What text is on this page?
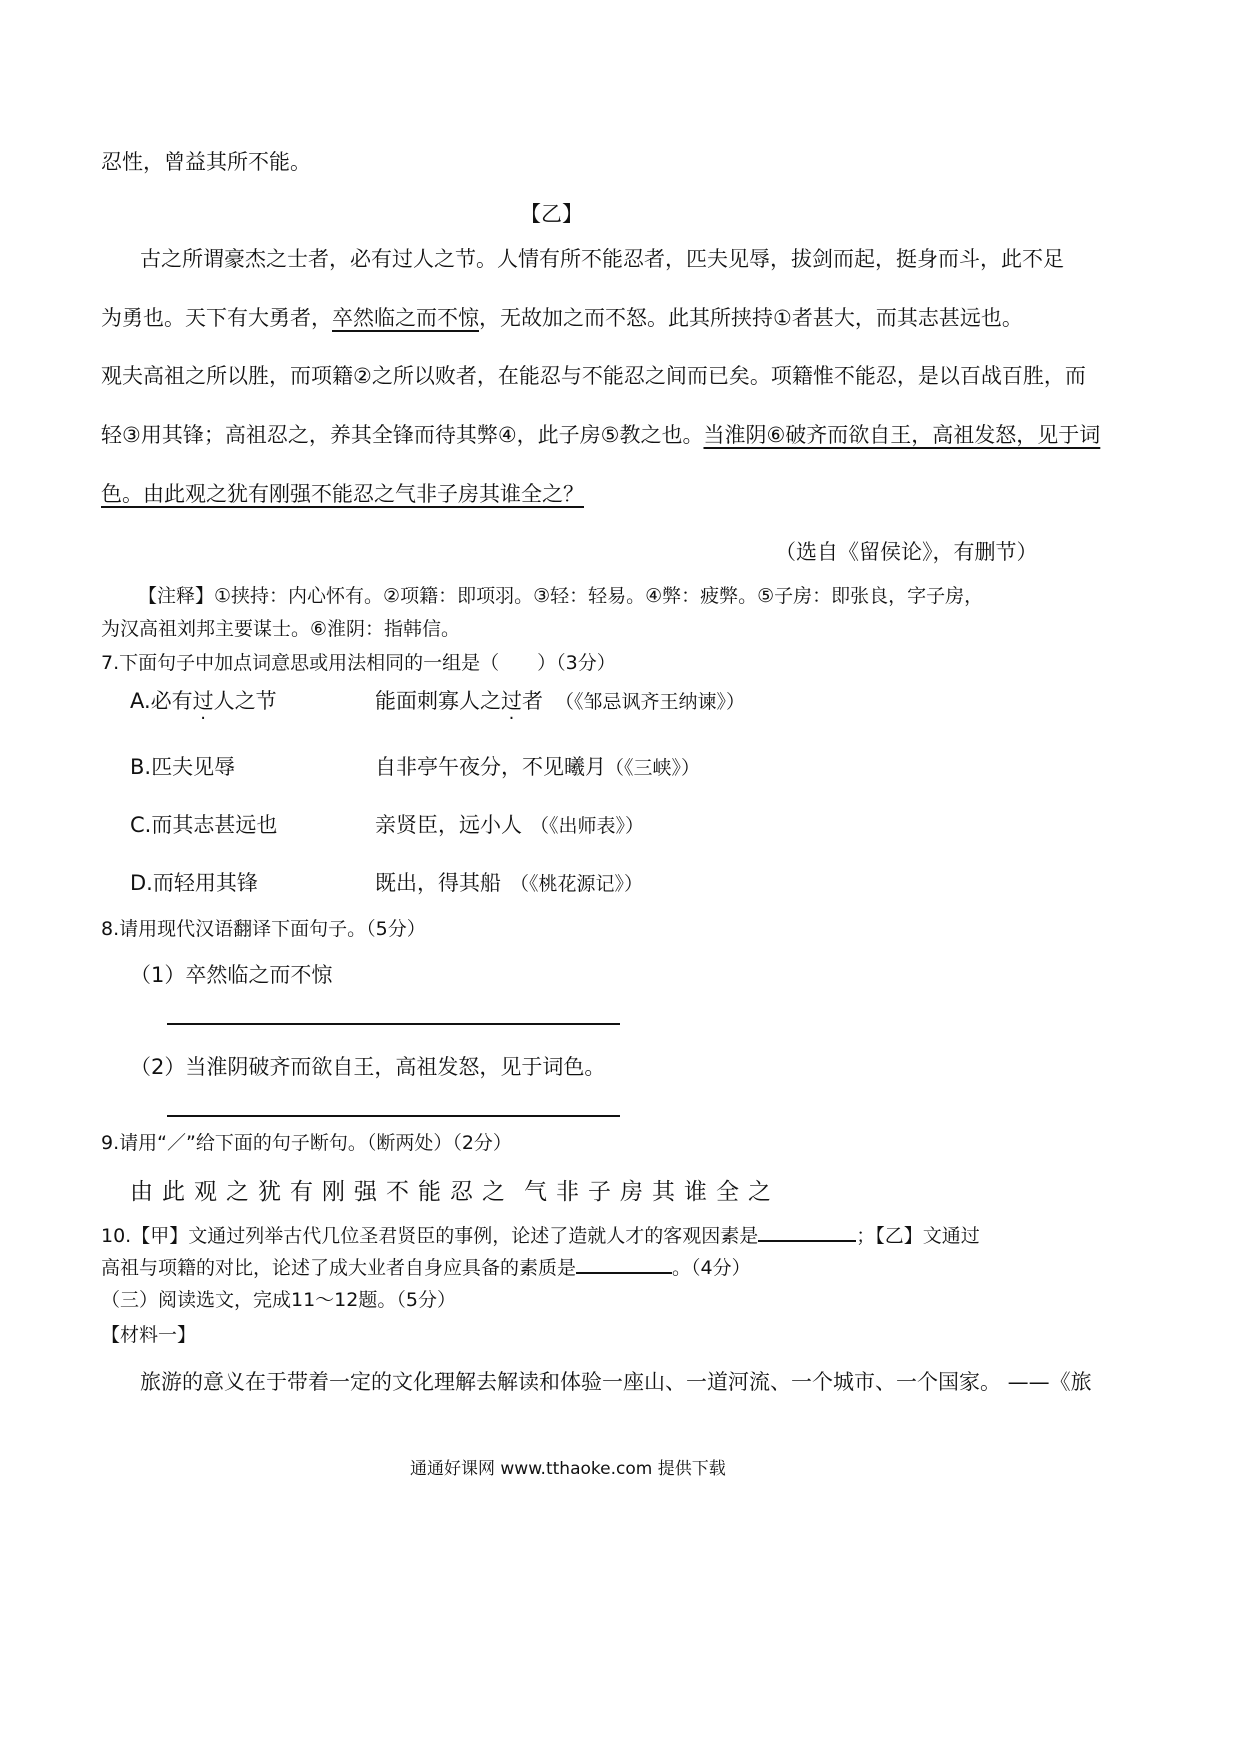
忍性，曾益其所不能。
【乙】
古之所谓豪杰之士者，必有过人之节。人情有所不能忍者，匹夫见辱，拔剑而起，挺身而斗，此不足
为勇也。天下有大勇者，卒然临之而不惊，无故加之而不怒。此其所挟持①者甚大，而其志甚远也。
观夫高祖之所以胜，而项籍②之所以败者，在能忍与不能忍之间而已矣。项籍惟不能忍，是以百战百胜，而
轻③用其锋；高祖忍之，养其全锋而待其弊④，此子房⑤教之也。当淮阴⑥破齐而欲自王，高祖发怒，见于词
色。由此观之犹有刚强不能忍之气非子房其谁全之？
（选自《留侯论》，有删节）
【注释】①挟持：内心怀有。②项籍：即项羽。③轻：轻易。④弊：疲弊。⑤子房：即张良，字子房，
为汉高祖刘邦主要谋士。⑥淮阴：指韩信。
7.下面句子中加点词意思或用法相同的一组是（　　）（3分）
A.必有过人之节	能面刺寡人之过者 （《邹忌讽齐王纳谏》）
B.匹夫见辱	自非亭午夜分，不见曦月 （《三峡》）
C.而其志甚远也	亲贤臣，远小人 （《出师表》）
D.而轻用其锋	既出，得其船 （《桃花源记》）
8.请用现代汉语翻译下面句子。（5分）
（1）卒然临之而不惊
（2）当淮阴破齐而欲自王，高祖发怒，见于词色。
9.请用“／”给下面的句子断句。（断两处）（2分）
由此观之犹有刚强不能忍之 气非子房其谁全之
10.【甲】文通过列举古代几位圣君贤臣的事例，论述了造就人才的客观因素是	；【乙】文通过
高祖与项籍的对比，论述了成大业者自身应具备的素质是	。（4分）
（三）阅读选文，完成11～12题。（5分）
【材料一】
旅游的意义在于带着一定的文化理解去解读和体验一座山、一道河流、一个城市、一个国家。 ——《旅
通通好课网 www.tthaoke.com 提供下载
